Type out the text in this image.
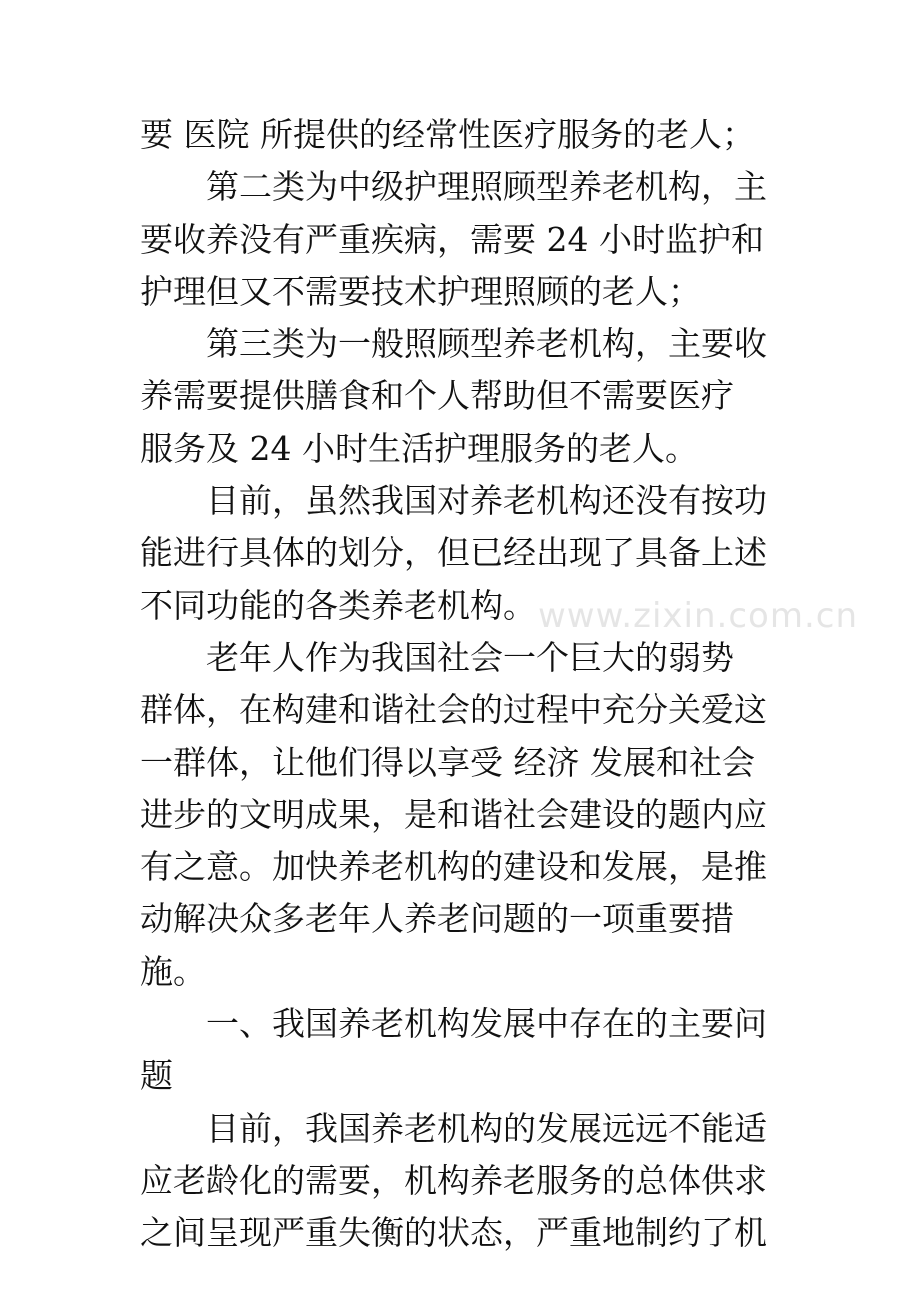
要 医院 所提供的经常性医疗服务的老人；
第二类为中级护理照顾型养老机构，主
要收养没有严重疾病，需要 24 小时监护和
护理但又不需要技术护理照顾的老人；
第三类为一般照顾型养老机构，主要收
养需要提供膳食和个人帮助但不需要医疗
服务及 24 小时生活护理服务的老人。
目前，虽然我国对养老机构还没有按功
能进行具体的划分，但已经出现了具备上述
不同功能的各类养老机构。
老年人作为我国社会一个巨大的弱势
群体，在构建和谐社会的过程中充分关爱这
一群体，让他们得以享受 经济 发展和社会
进步的文明成果，是和谐社会建设的题内应
有之意。加快养老机构的建设和发展，是推
动解决众多老年人养老问题的一项重要措
施。
一、我国养老机构发展中存在的主要问
题
目前，我国养老机构的发展远远不能适
应老龄化的需要，机构养老服务的总体供求
之间呈现严重失衡的状态，严重地制约了机
www.zixin.com.cn
